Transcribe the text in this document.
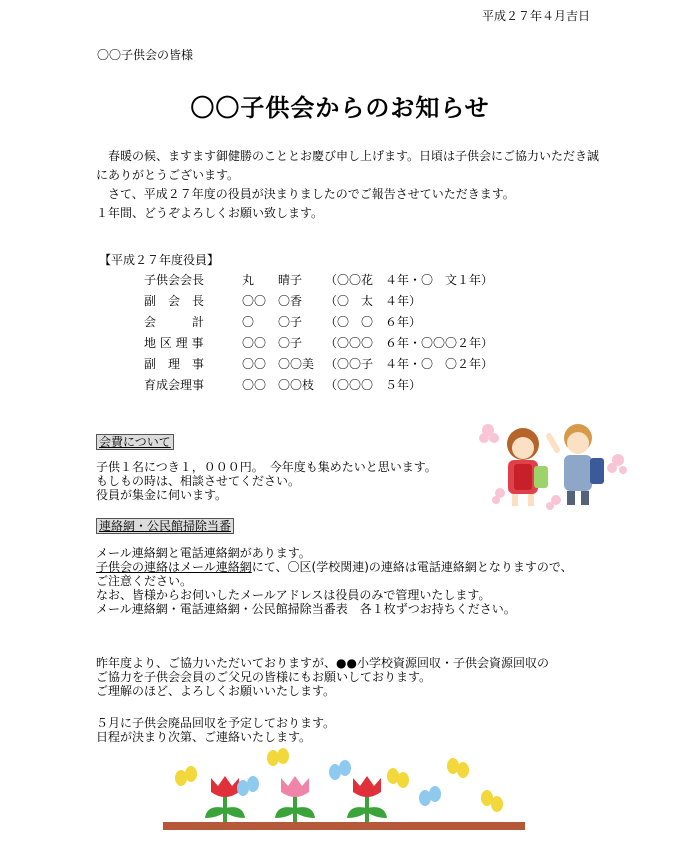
平成２７年４月吉日
〇〇子供会の皆様
〇〇子供会からのお知らせ

　春暖の候、ますます御健勝のこととお慶び申し上げます。日頃は子供会にご協力いただき誠にありがとうございます。

　さて、平成２７年度の役員が決まりましたのでご報告させていただきます。

１年間、どうぞよろしくお願い致します。

【平成２７年度役員】
子供会会長	丸　　晴子	（〇〇花　４年・〇　文１年）
副　会　長	〇〇　〇香	（〇　太　４年）
会　　　計	〇　　〇子	（〇　〇　６年）
地 区 理 事	〇〇　〇子	（〇〇〇　６年・〇〇〇２年）
副　理　事	〇〇　〇〇美	（〇〇子　４年・〇　〇２年）
育成会理事	〇〇　〇〇枝	（〇〇〇　５年）
会費について
子供１名につき１，０００円。　今年度も集めたいと思います。
もしもの時は、相談させてください。
役員が集金に伺います。
連絡網・公民館掃除当番
メール連絡網と電話連絡網があります。
子供会の連絡はメール連絡網にて、〇区(学校関連)の連絡は電話連絡網となりますので、
ご注意ください。
なお、皆様からお伺いしたメールアドレスは役員のみで管理いたします。
メール連絡網・電話連絡網・公民館掃除当番表　各１枚ずつお持ちください。
昨年度より、ご協力いただいておりますが、●●小学校資源回収・子供会資源回収の
ご協力を子供会会員のご父兄の皆様にもお願いしております。
ご理解のほど、よろしくお願いいたします。
５月に子供会廃品回収を予定しております。
日程が決まり次第、ご連絡いたします。
